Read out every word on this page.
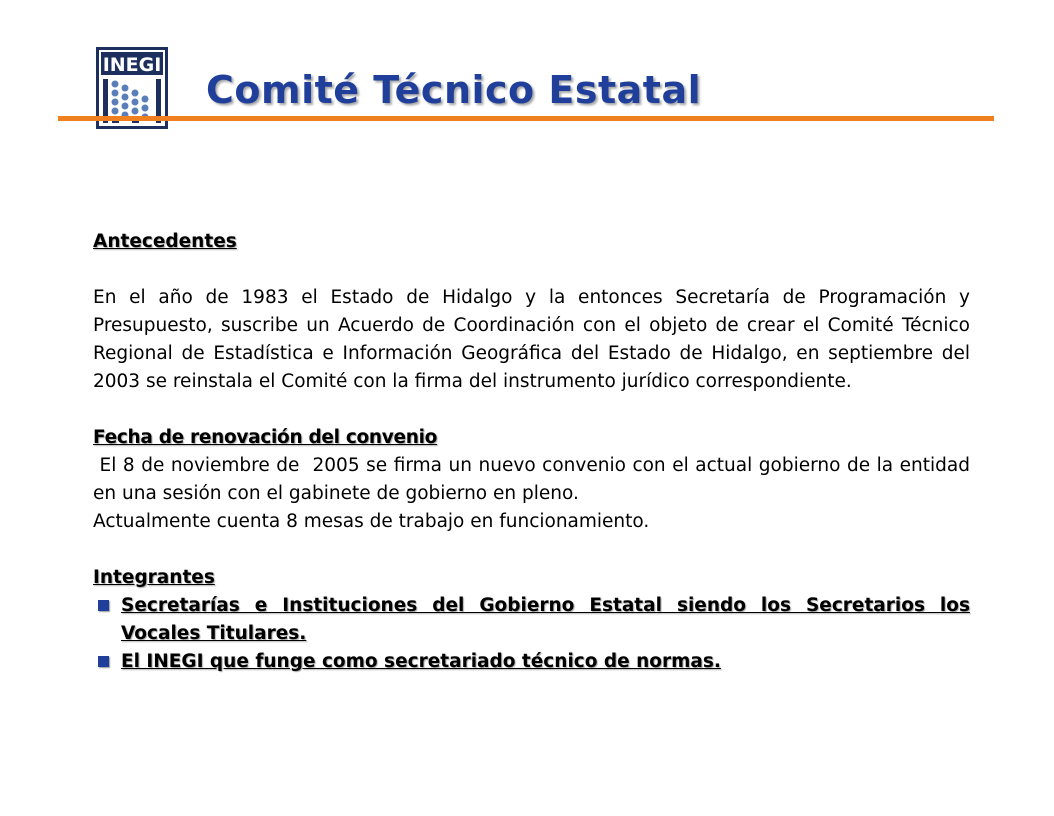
INEGI
Comité Técnico Estatal

Antecedentes

En el año de 1983 el Estado de Hidalgo y la entonces Secretaría de Programación y Presupuesto, suscribe un Acuerdo de Coordinación con el objeto de crear el Comité Técnico Regional de Estadística e Información Geográfica del Estado de Hidalgo, en septiembre del 2003 se reinstala el Comité con la firma del instrumento jurídico correspondiente.

Fecha de renovación del convenio

El 8 de noviembre de  2005 se firma un nuevo convenio con el actual gobierno de la entidad en una sesión con el gabinete de gobierno en pleno.

Actualmente cuenta 8 mesas de trabajo en funcionamiento.

Integrantes

Secretarías e Instituciones del Gobierno Estatal siendo los Secretarios los Vocales Titulares.
El INEGI que funge como secretariado técnico de normas.
